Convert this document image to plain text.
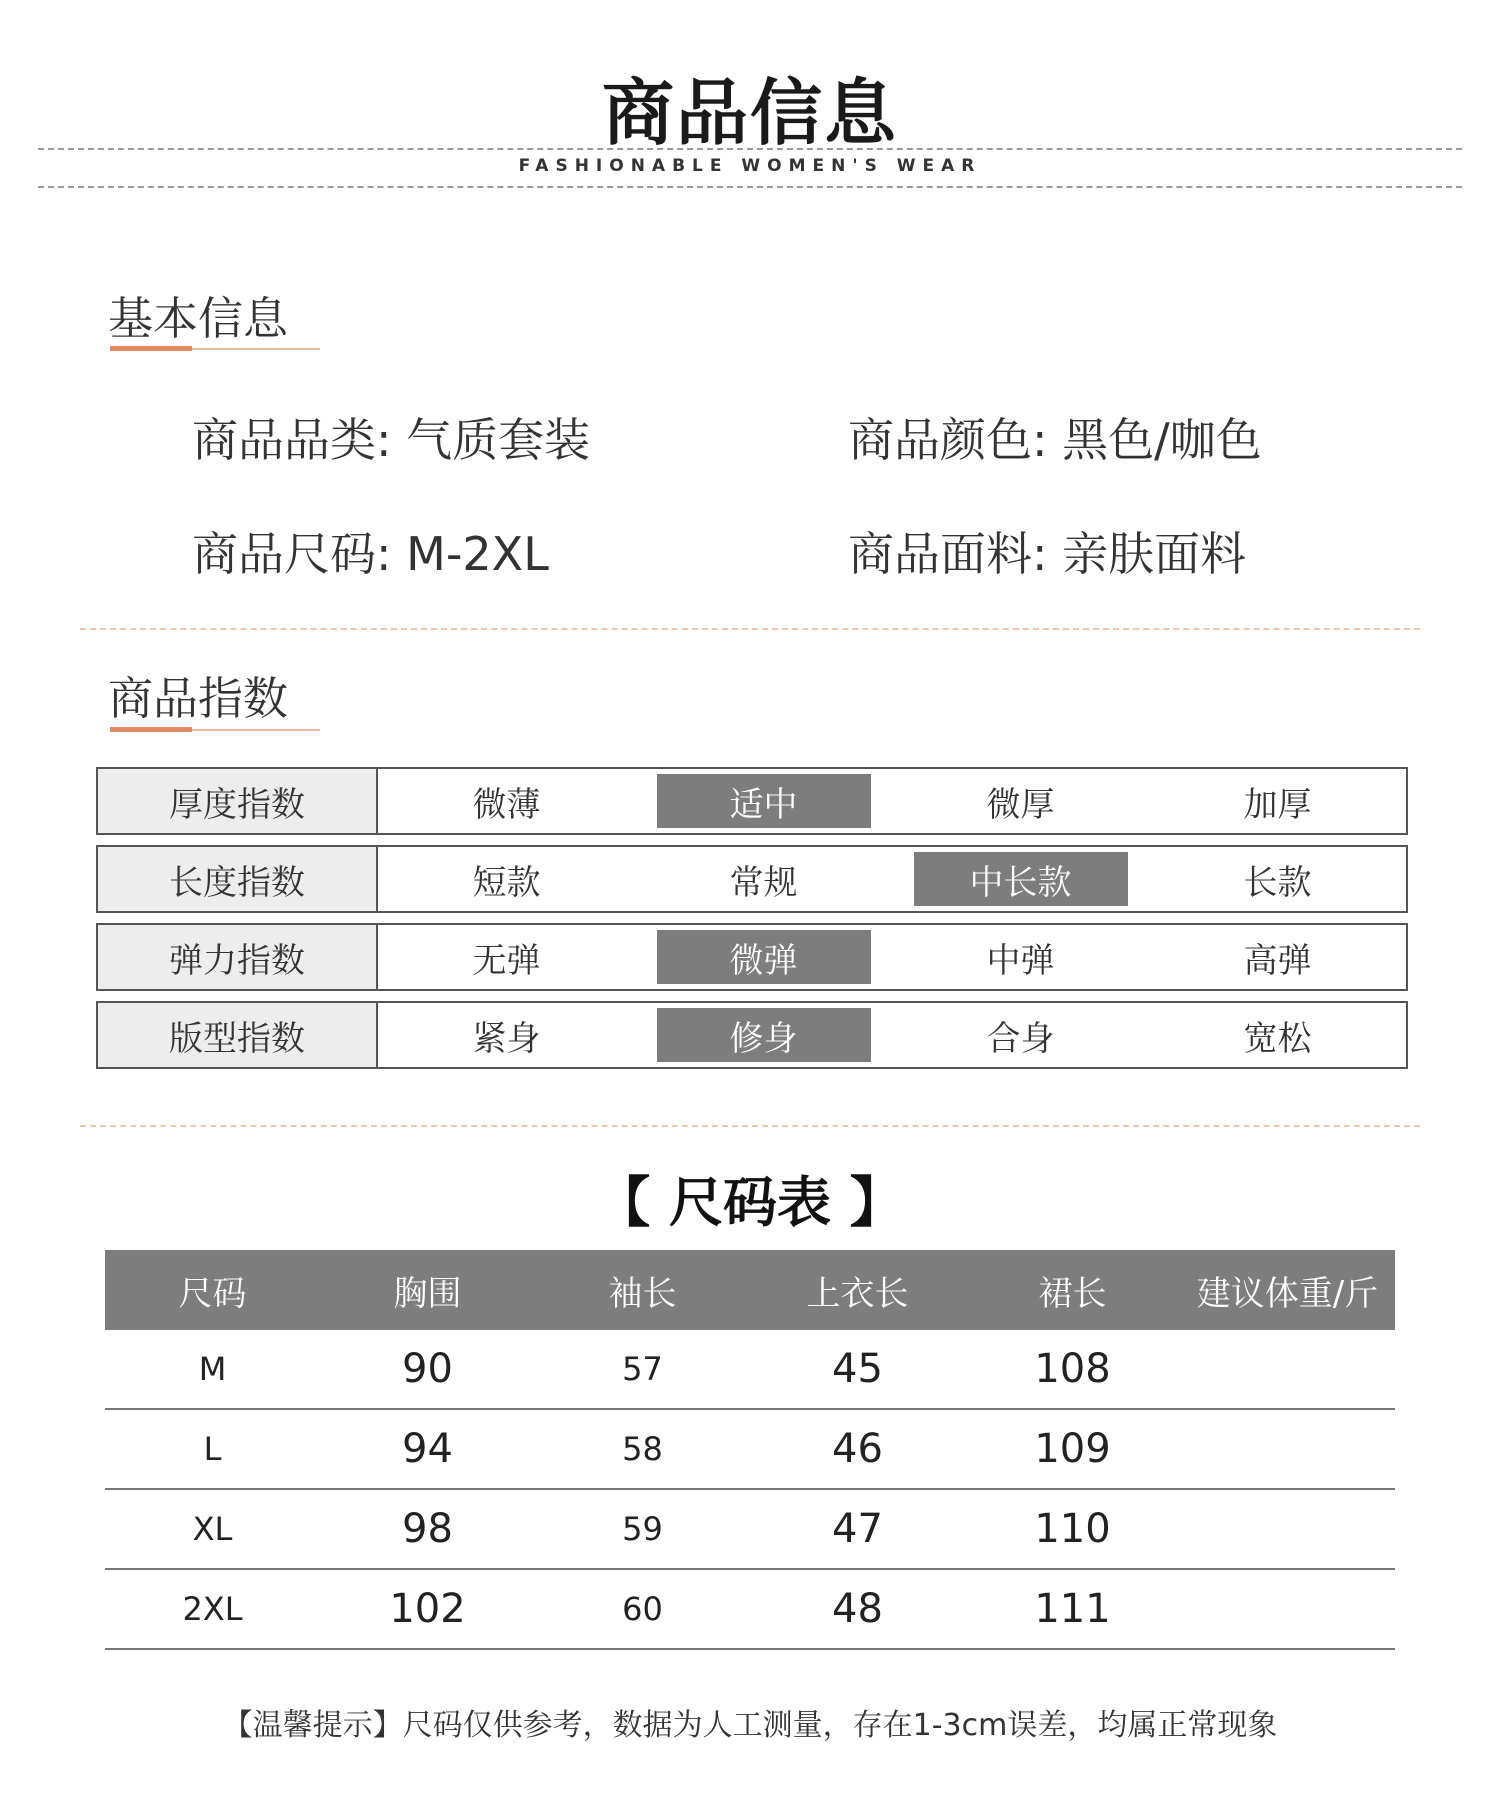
商品信息
FASHIONABLE WOMEN'S WEAR
基本信息
商品品类: 气质套装	商品颜色: 黑色/咖色
商品尺码: M-2XL	商品面料: 亲肤面料
商品指数
厚度指数	微薄	适中	微厚	加厚
长度指数	短款	常规	中长款	长款
弹力指数	无弹	微弹	中弹	高弹
版型指数	紧身	修身	合身	宽松
【 尺码表 】
尺码	胸围	袖长	上衣长	裙长	建议体重/斤
M	90	57	45	108	
L	94	58	46	109	
XL	98	59	47	110	
2XL	102	60	48	111	
【温馨提示】尺码仅供参考，数据为人工测量，存在1-3cm误差，均属正常现象
